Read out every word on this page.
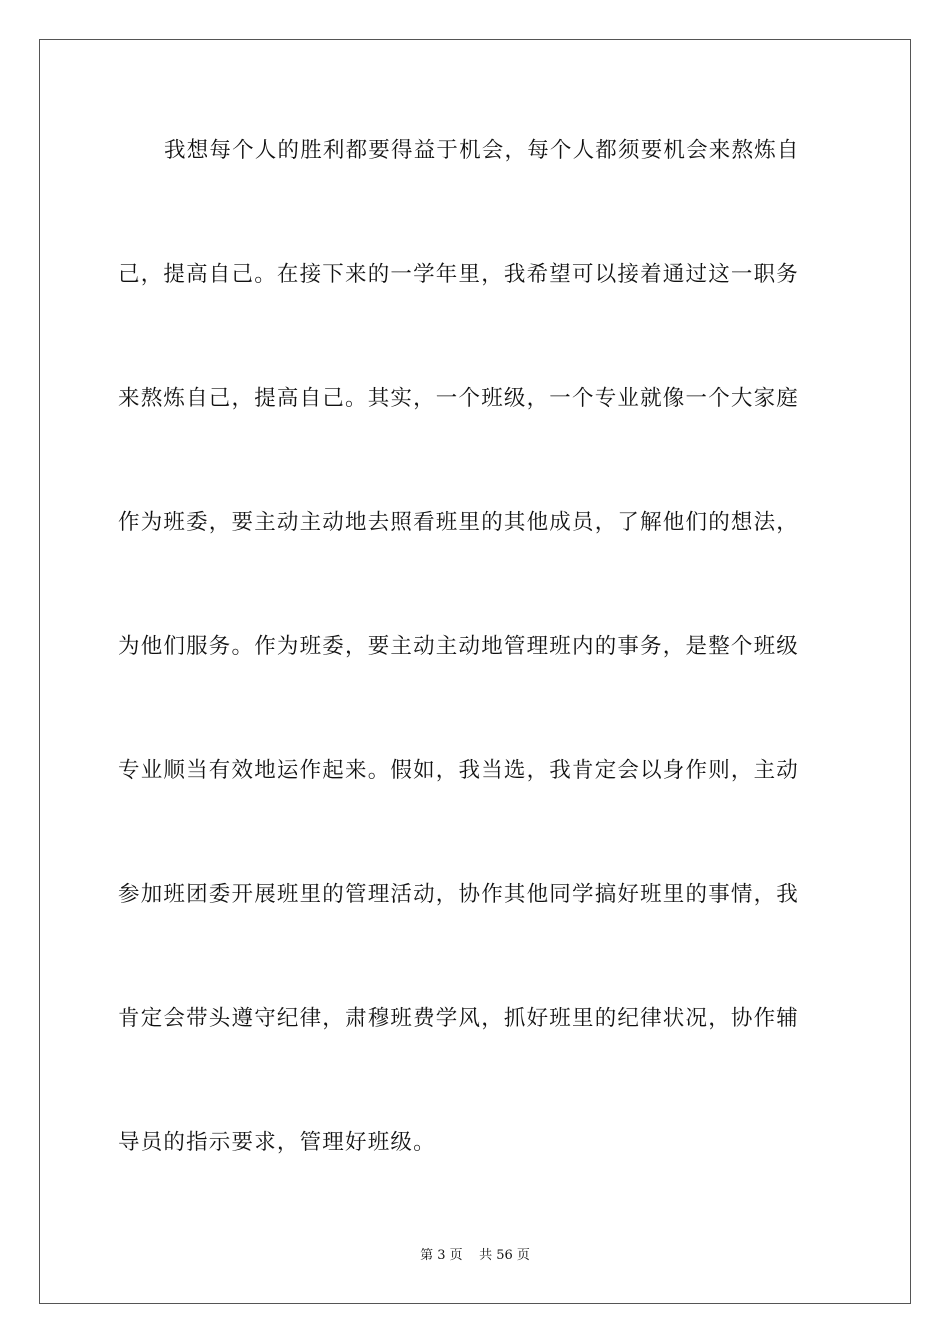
我想每个人的胜利都要得益于机会，每个人都须要机会来熬炼自
己，提高自己。在接下来的一学年里，我希望可以接着通过这一职务
来熬炼自己，提高自己。其实，一个班级，一个专业就像一个大家庭
作为班委，要主动主动地去照看班里的其他成员，了解他们的想法，
为他们服务。作为班委，要主动主动地管理班内的事务，是整个班级
专业顺当有效地运作起来。假如，我当选，我肯定会以身作则，主动
参加班团委开展班里的管理活动，协作其他同学搞好班里的事情，我
肯定会带头遵守纪律，肃穆班费学风，抓好班里的纪律状况，协作辅
导员的指示要求，管理好班级。
第 3 页    共 56 页
